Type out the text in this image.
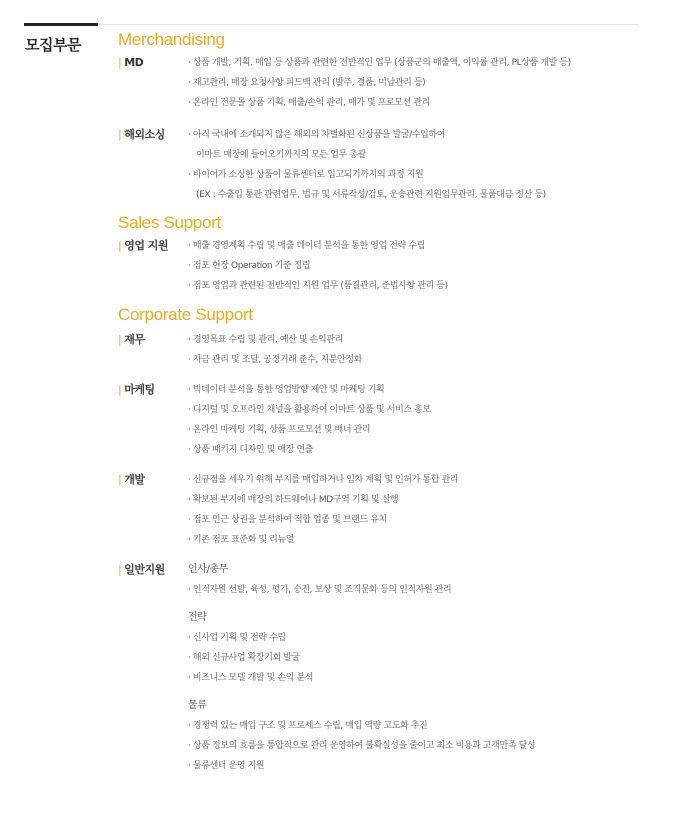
모집부문 Merchandising
| MD	· 상품 개발, 기획, 매입 등 상품과 관련한 전반적인 업무 (상품군의 매출액, 이익률 관리, PL상품 개발 등)
· 재고관리, 매장 요청사항 피드백 관리 (발주, 결품, 미납관리 등)
· 온라인 전문몰 상품 기획, 매출/손익 관리, 매가 및 프로모션 관리
| 해외소싱	· 아직 국내에 소개되지 않은 해외의 차별화된 신상품을 발굴/수입하여
이마트 매장에 들어오기까지의 모든 업무 총괄
· 바이어가 소싱한 상품이 물류센터로 입고되기까지의 과정 지원
(EX : 수출입 통관 관련업무, 법규 및 서류작성/검토, 운송관련 지원업무관리, 물품대금 정산 등)
Sales Support
| 영업 지원	· 매출 경영계획 수립 및 매출 데이터 분석을 통한 영업 전략 수립
· 점포 현장 Operation 기준 정립
· 점포 영업과 관련된 전반적인 지원 업무 (품질관리, 준법사항 관리 등)
Corporate Support
| 재무	· 경영목표 수립 및 관리, 예산 및 손익관리
· 자금 관리 및 조달, 공정거래 준수, 지분안정화
| 마케팅	· 빅데이터 분석을 통한 영업방향 제안 및 마케팅 기획
· 디지털 및 오프라인 채널을 활용하여 이마트 상품 및 서비스 홍보
· 온라인 마케팅 기획, 상품 프로모션 및 배너 관리
· 상품 패키지 디자인 및 매장 연출
| 개발	· 신규점을 세우기 위해 부지를 매입하거나 임차 계획 및 인허가 통합 관리
· 확보된 부지에 매장의 하드웨어나 MD구역 기획 및 실행
· 점포 인근 상권을 분석하여 적합 업종 및 브랜드 유치
· 기존 점포 표준화 및 리뉴얼
| 일반지원	인사/총무
· 인적자원 선발, 육성, 평가, 승진, 보상 및 조직문화 등의 인적자원 관리
전략
· 신사업 기획 및 전략 수립
· 해외 신규사업 확장기회 발굴
· 비즈니스 모델 개발 및 손익 분석
물류
· 경쟁력 있는 매입 구조 및 프로세스 수립, 매입 역량 고도화 추진
· 상품 정보의 흐름을 통합적으로 관리 운영하여 불확실성을 줄이고 최소 비용과 고객만족 달성
· 물류센터 운영 지원
